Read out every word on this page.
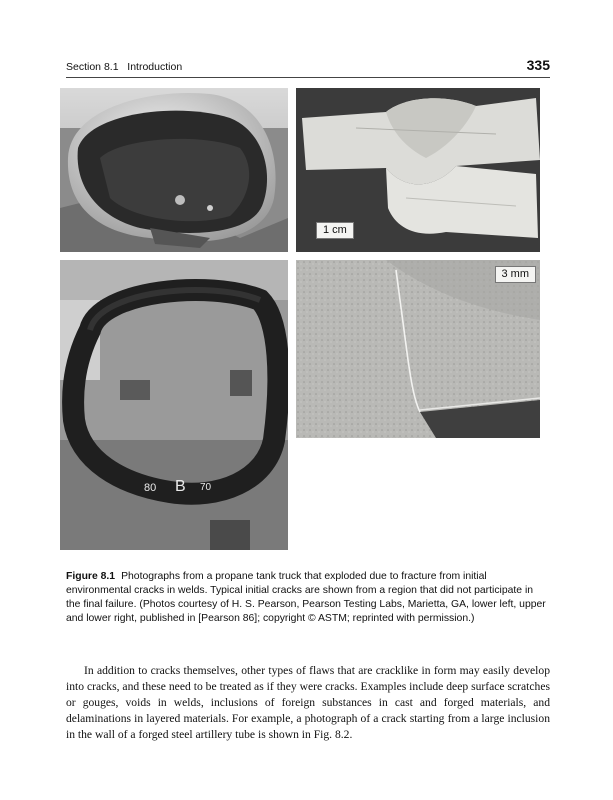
Section 8.1   Introduction	335
1 cm
80 B 70
3 mm
Figure 8.1 Photographs from a propane tank truck that exploded due to fracture from initial environmental cracks in welds. Typical initial cracks are shown from a region that did not participate in the final failure. (Photos courtesy of H. S. Pearson, Pearson Testing Labs, Marietta, GA, lower left, upper and lower right, published in [Pearson 86]; copyright © ASTM; reprinted with permission.)

In addition to cracks themselves, other types of flaws that are cracklike in form may easily develop into cracks, and these need to be treated as if they were cracks. Examples include deep surface scratches or gouges, voids in welds, inclusions of foreign substances in cast and forged materials, and delaminations in layered materials. For example, a photograph of a crack starting from a large inclusion in the wall of a forged steel artillery tube is shown in Fig. 8.2.
